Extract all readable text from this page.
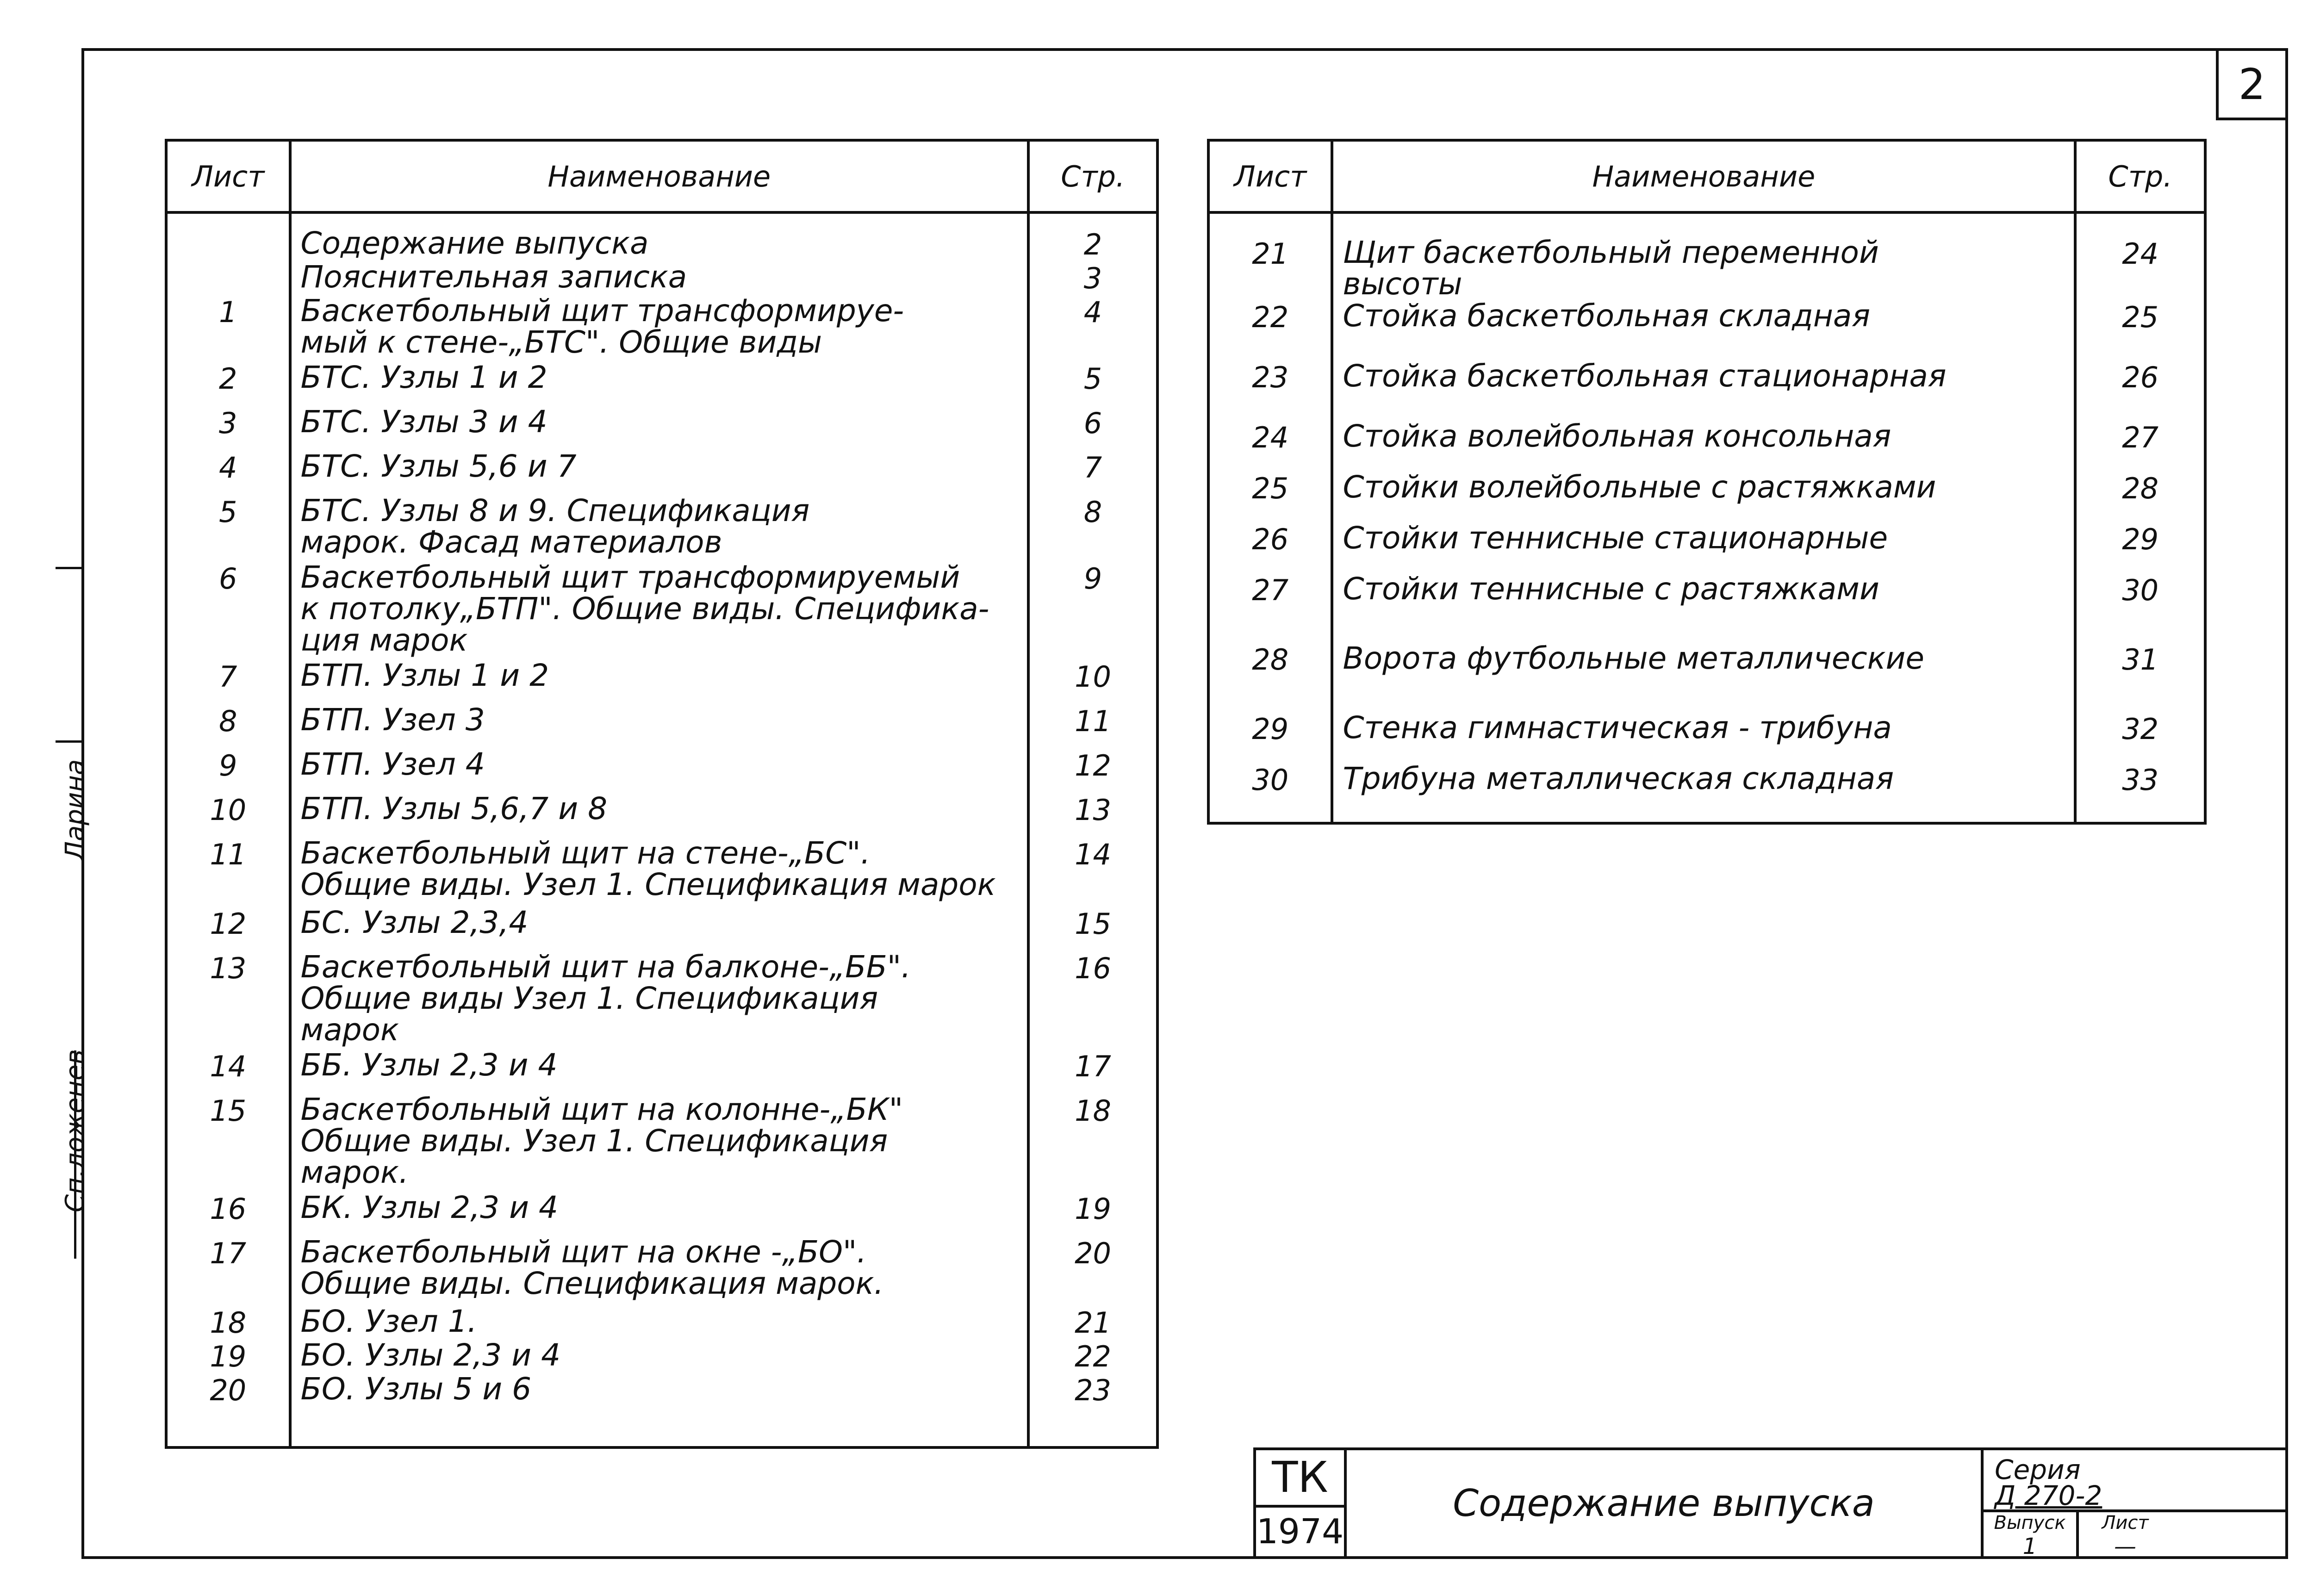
2
Ларина
Сп.ложенев
Лист	Наименование	Стр.
	Содержание выпуска	2
	Пояснительная записка	3
1	Баскетбольный щит трансформируе-
мый к стене-„БТС". Общие виды	4
2	БТС. Узлы 1 и 2	5
3	БТС. Узлы 3 и 4	6
4	БТС. Узлы 5,6 и 7	7
5	БТС. Узлы 8 и 9. Спецификация
марок. Фасад материалов	8
6	Баскетбольный щит трансформируемый
к потолку„БТП". Общие виды. Специфика-
ция марок	9
7	БТП. Узлы 1 и 2	10
8	БТП. Узел 3	11
9	БТП. Узел 4	12
10	БТП. Узлы 5,6,7 и 8	13
11	Баскетбольный щит на стене-„БС".
Общие виды. Узел 1. Спецификация марок	14
12	БС. Узлы 2,3,4	15
13	Баскетбольный щит на балконе-„ББ".
Общие виды Узел 1. Спецификация
марок	16
14	ББ. Узлы 2,3 и 4	17
15	Баскетбольный щит на колонне-„БК"
Общие виды. Узел 1. Спецификация
марок.	18
16	БК. Узлы 2,3 и 4	19
17	Баскетбольный щит на окне -„БО".
Общие виды. Спецификация марок.	20
18	БО. Узел 1.	21
19	БО. Узлы 2,3 и 4	22
20	БО. Узлы 5 и 6	23
Лист	Наименование	Стр.
21	Щит баскетбольный переменной
высоты	24
22	Стойка баскетбольная складная	25
23	Стойка баскетбольная стационарная	26
24	Стойка волейбольная консольная	27
25	Стойки волейбольные с растяжками	28
26	Стойки теннисные стационарные	29
27	Стойки теннисные с растяжками	30
28	Ворота футбольные металлические	31
29	Стенка гимнастическая - трибуна	32
30	Трибуна металлическая складная	33
ТК
1974
Содержание выпуска
Серия
Д 270-2
Выпуск
1
Лист
—
